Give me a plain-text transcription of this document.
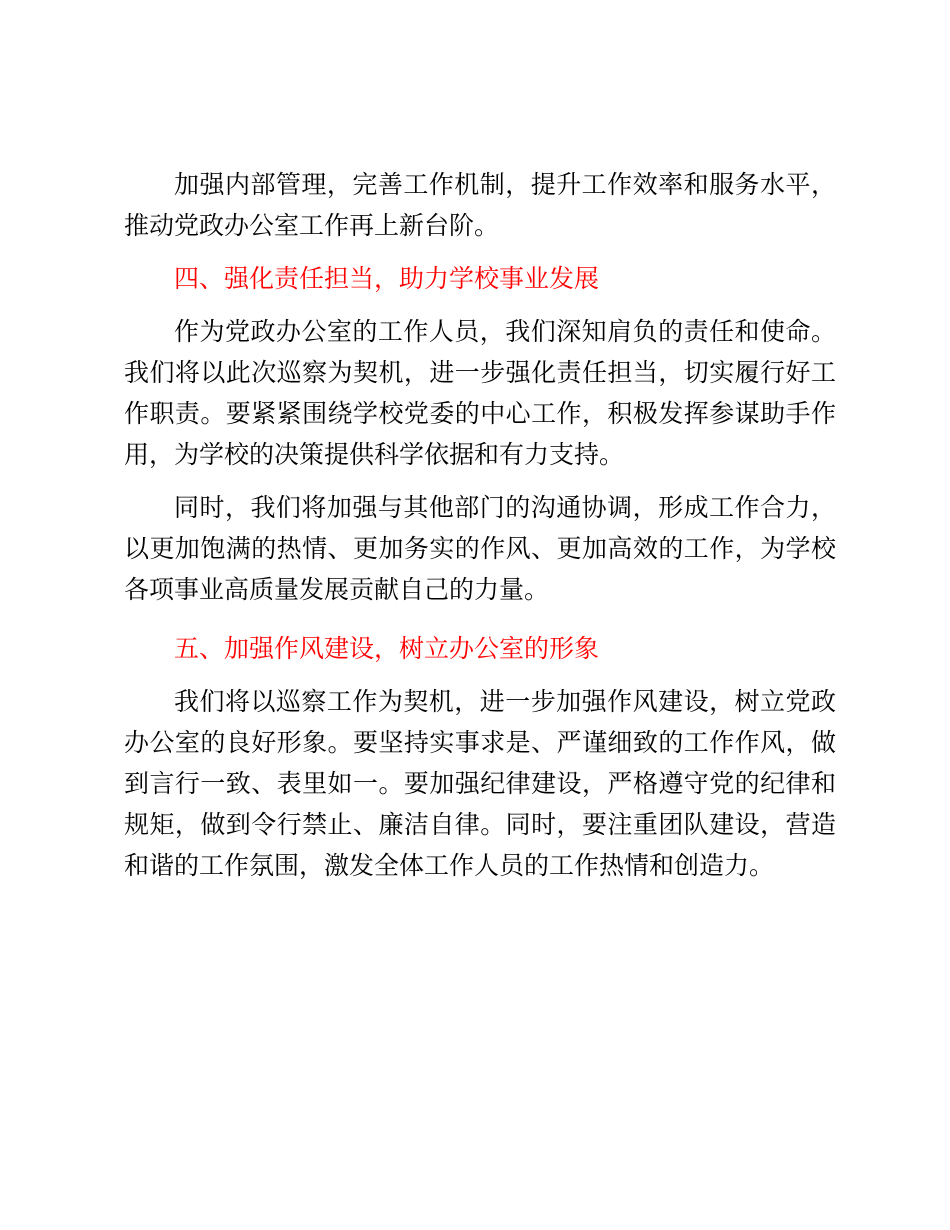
加强内部管理，完善工作机制，提升工作效率和服务水平，推动党政办公室工作再上新台阶。

四、强化责任担当，助力学校事业发展

作为党政办公室的工作人员，我们深知肩负的责任和使命。我们将以此次巡察为契机，进一步强化责任担当，切实履行好工作职责。要紧紧围绕学校党委的中心工作，积极发挥参谋助手作用，为学校的决策提供科学依据和有力支持。

同时，我们将加强与其他部门的沟通协调，形成工作合力，以更加饱满的热情、更加务实的作风、更加高效的工作，为学校各项事业高质量发展贡献自己的力量。

五、加强作风建设，树立办公室的形象

我们将以巡察工作为契机，进一步加强作风建设，树立党政办公室的良好形象。要坚持实事求是、严谨细致的工作作风，做到言行一致、表里如一。要加强纪律建设，严格遵守党的纪律和规矩，做到令行禁止、廉洁自律。同时，要注重团队建设，营造和谐的工作氛围，激发全体工作人员的工作热情和创造力。
